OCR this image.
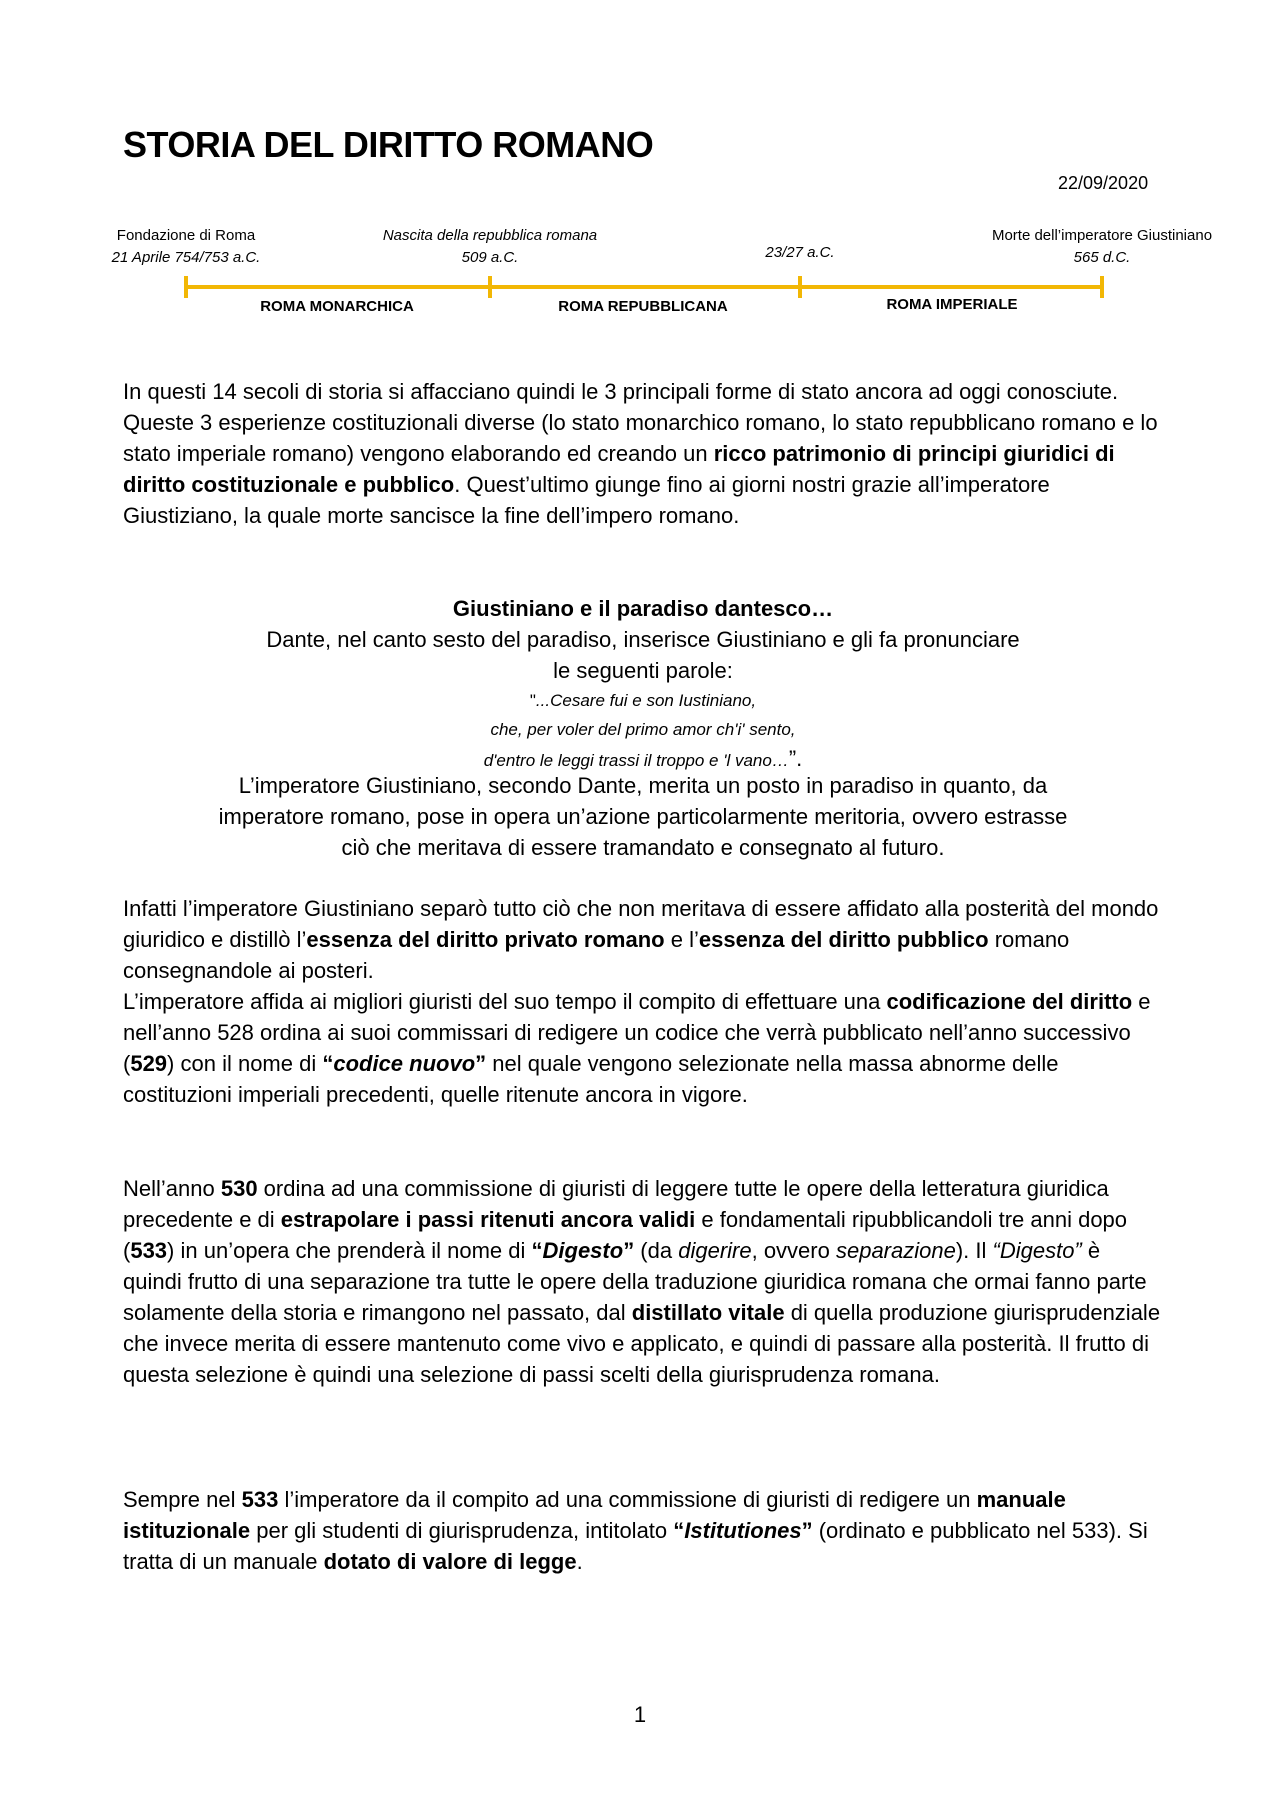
STORIA DEL DIRITTO ROMANO
22/09/2020
Fondazione di Roma
21 Aprile 754/753 a.C.
Nascita della repubblica romana
509 a.C.	23/27 a.C.
Morte dell’imperatore Giustiniano
565 d.C.
ROMA MONARCHICA	ROMA REPUBBLICANA	ROMA IMPERIALE

In questi 14 secoli di storia si affacciano quindi le 3 principali forme di stato ancora ad oggi conosciute. Queste 3 esperienze costituzionali diverse (lo stato monarchico romano, lo stato repubblicano romano e lo stato imperiale romano) vengono elaborando ed creando un ricco patrimonio di principi giuridici di diritto costituzionale e pubblico. Quest’ultimo giunge fino ai giorni nostri grazie all’imperatore Giustiziano, la quale morte sancisce la fine dell’impero romano.

Giustiniano e il paradiso dantesco…
Dante, nel canto sesto del paradiso, inserisce Giustiniano e gli fa pronunciare
le seguenti parole:
"...Cesare fui e son Iustiniano,
che, per voler del primo amor ch'i' sento,
d'entro le leggi trassi il troppo e 'l vano…”.
L’imperatore Giustiniano, secondo Dante, merita un posto in paradiso in quanto, da
imperatore romano, pose in opera un’azione particolarmente meritoria, ovvero estrasse
ciò che meritava di essere tramandato e consegnato al futuro.

Infatti l’imperatore Giustiniano separò tutto ciò che non meritava di essere affidato alla posterità del mondo giuridico e distillò l’essenza del diritto privato romano e l’essenza del diritto pubblico romano consegnandole ai posteri.

L’imperatore affida ai migliori giuristi del suo tempo il compito di effettuare una codificazione del diritto e nell’anno 528 ordina ai suoi commissari di redigere un codice che verrà pubblicato nell’anno successivo (529) con il nome di “codice nuovo” nel quale vengono selezionate nella massa abnorme delle costituzioni imperiali precedenti, quelle ritenute ancora in vigore.

Nell’anno 530 ordina ad una commissione di giuristi di leggere tutte le opere della letteratura giuridica precedente e di estrapolare i passi ritenuti ancora validi e fondamentali ripubblicandoli tre anni dopo (533) in un’opera che prenderà il nome di “Digesto” (da digerire, ovvero separazione). Il “Digesto” è quindi frutto di una separazione tra tutte le opere della traduzione giuridica romana che ormai fanno parte solamente della storia e rimangono nel passato, dal distillato vitale di quella produzione giurisprudenziale che invece merita di essere mantenuto come vivo e applicato, e quindi di passare alla posterità. Il frutto di questa selezione è quindi una selezione di passi scelti della giurisprudenza romana.

Sempre nel 533 l’imperatore da il compito ad una commissione di giuristi di redigere un manuale istituzionale per gli studenti di giurisprudenza, intitolato “Istitutiones” (ordinato e pubblicato nel 533). Si tratta di un manuale dotato di valore di legge.

1
